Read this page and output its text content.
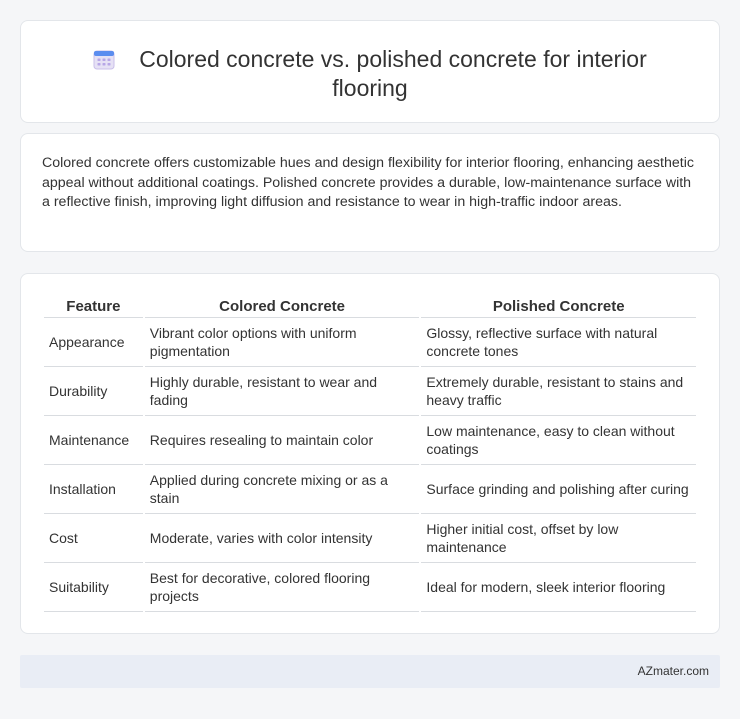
Colored concrete vs. polished concrete for interior flooring

Colored concrete offers customizable hues and design flexibility for interior flooring, enhancing aesthetic appeal without additional coatings. Polished concrete provides a durable, low-maintenance surface with a reflective finish, improving light diffusion and resistance to wear in high-traffic indoor areas.

Feature	Colored Concrete	Polished Concrete
Appearance	Vibrant color options with uniform pigmentation	Glossy, reflective surface with natural concrete tones
Durability	Highly durable, resistant to wear and fading	Extremely durable, resistant to stains and heavy traffic
Maintenance	Requires resealing to maintain color	Low maintenance, easy to clean without coatings
Installation	Applied during concrete mixing or as a stain	Surface grinding and polishing after curing
Cost	Moderate, varies with color intensity	Higher initial cost, offset by low maintenance
Suitability	Best for decorative, colored flooring projects	Ideal for modern, sleek interior flooring
AZmater.com
